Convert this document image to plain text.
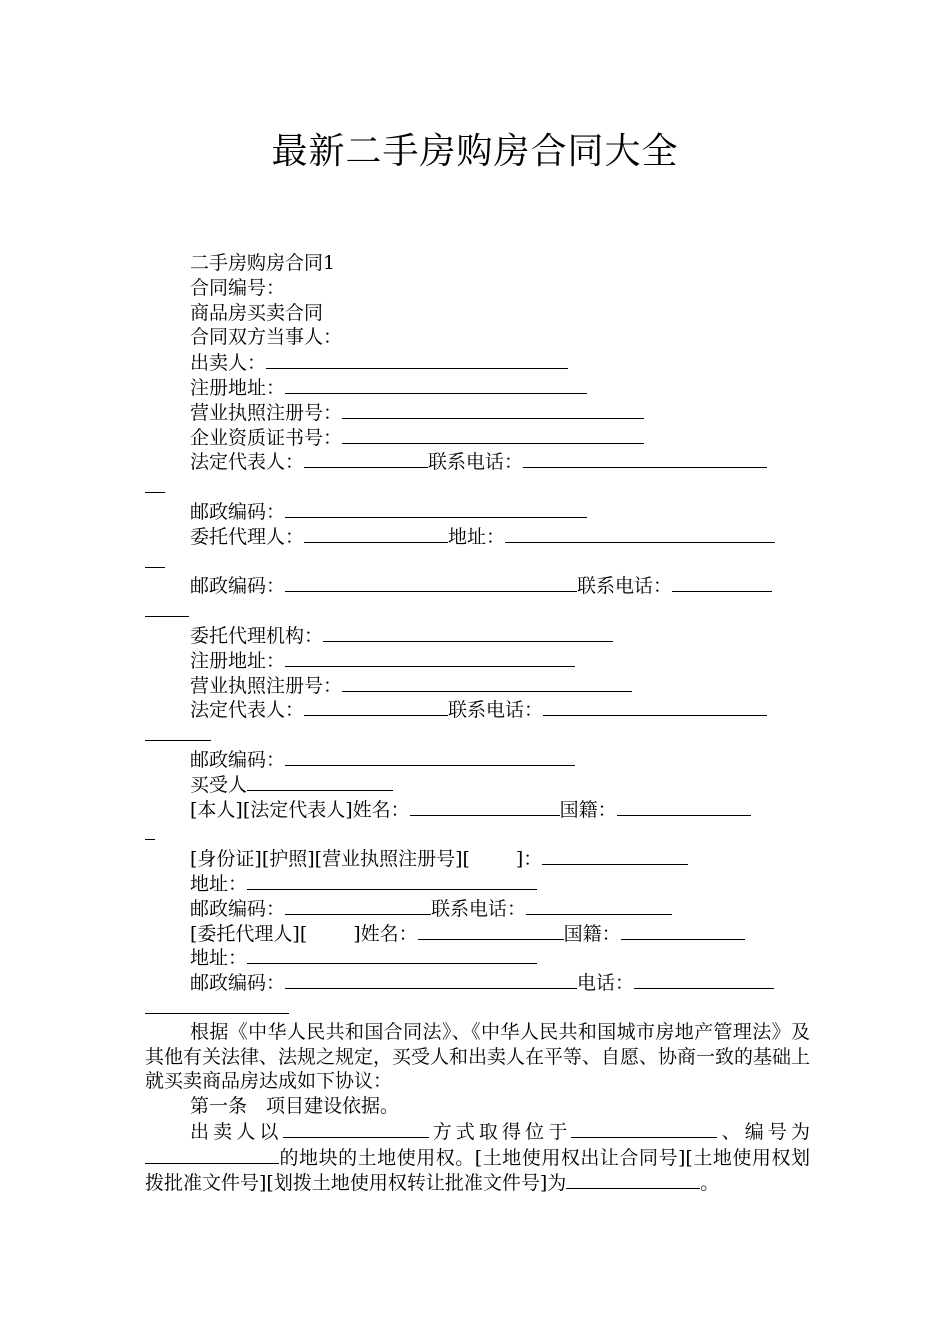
最新二手房购房合同大全
二手房购房合同1
合同编号：
商品房买卖合同
合同双方当事人：
出卖人：
注册地址：
营业执照注册号：
企业资质证书号：
法定代表人：	联系电话：
邮政编码：
委托代理人：	地址：
邮政编码：	联系电话：
委托代理机构：
注册地址：
营业执照注册号：
法定代表人：	联系电话：
邮政编码：
买受人
[本人][法定代表人]姓名：	国籍：
[身份证][护照][营业执照注册号][ ]：
地址：
邮政编码：	联系电话：
[委托代理人][ ]姓名：	国籍：
地址：
邮政编码：	电话：
根据《中华人民共和国合同法》、《中华人民共和国城市房地产管理法》及其他有关法律、法规之规定，买受人和出卖人在平等、自愿、协商一致的基础上就买卖商品房达成如下协议：
第一条　项目建设依据。
出卖人以	方式取得位于	、编号为的地块的土地使用权。[土地使用权出让合同号][土地使用权划拨批准文件号][划拨土地使用权转让批准文件号]为	。
